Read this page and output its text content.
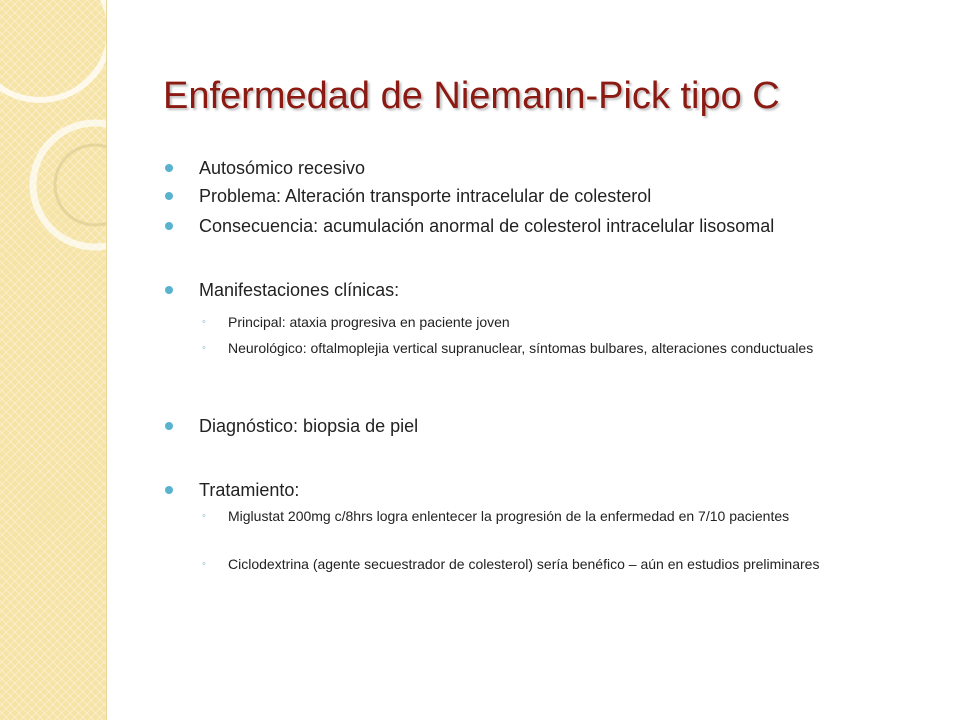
Enfermedad de Niemann-Pick tipo C
Autosómico recesivo
Problema: Alteración transporte intracelular de colesterol
Consecuencia: acumulación anormal de colesterol intracelular lisosomal
Manifestaciones clínicas:
◦ Principal: ataxia progresiva en paciente joven
◦ Neurológico: oftalmoplejia vertical supranuclear, síntomas bulbares, alteraciones conductuales
Diagnóstico: biopsia de piel
Tratamiento:
◦ Miglustat 200mg c/8hrs logra enlentecer la progresión de la enfermedad en 7/10 pacientes
◦ Ciclodextrina (agente secuestrador de colesterol) sería benéfico – aún en estudios preliminares
